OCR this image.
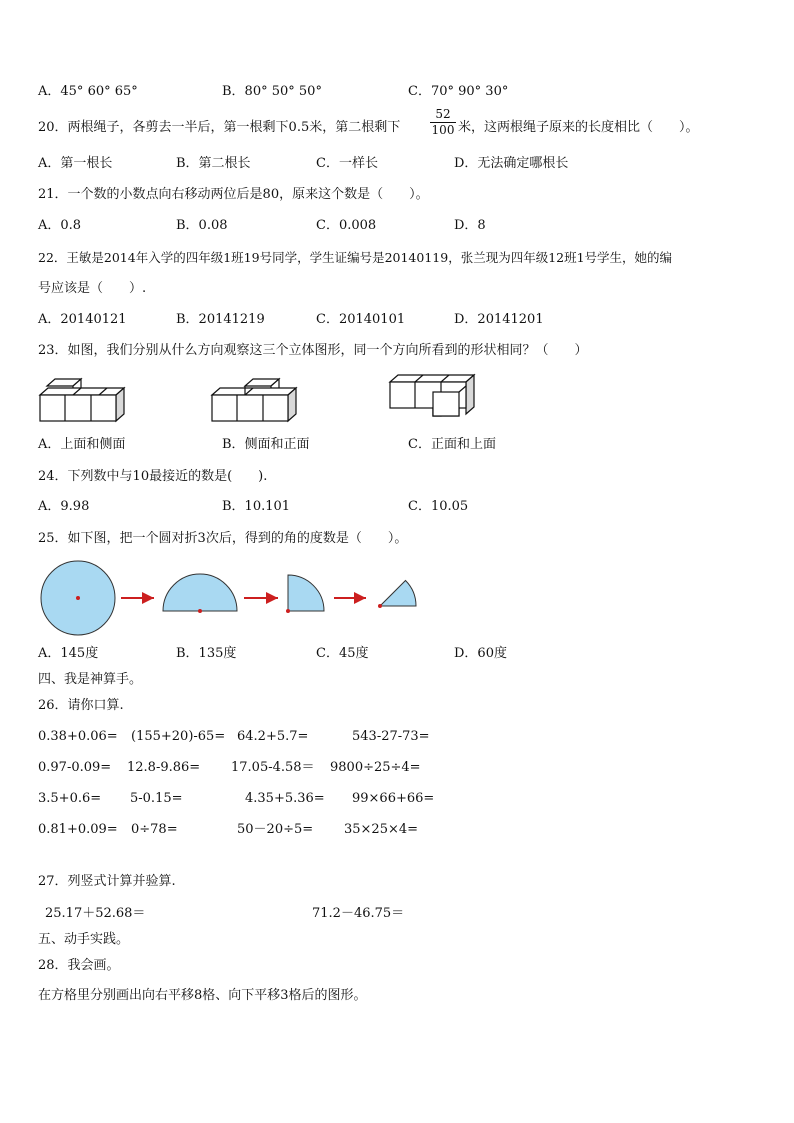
A．45° 60° 65°	B．80° 50° 50°	C．70° 90° 30°
20．两根绳子，各剪去一半后，第一根剩下0.5米，第二根剩下
52
100 米，这两根绳子原来的长度相比（　　）。
A．第一根长	B．第二根长	C．一样长	D．无法确定哪根长
21．一个数的小数点向右移动两位后是80，原来这个数是（　　）。
A．0.8	B．0.08	C．0.008	D．8
22．王敏是2014年入学的四年级1班19号同学，学生证编号是20140119，张兰现为四年级12班1号学生，她的编
号应该是（　　）.
A．20140121	B．20141219	C．20140101	D．20141201
23．如图，我们分别从什么方向观察这三个立体图形，同一个方向所看到的形状相同？（　　）
A．上面和侧面	B．侧面和正面	C．正面和上面
24．下列数中与10最接近的数是(　　).
A．9.98	B．10.101	C．10.05
25．如下图，把一个圆对折3次后，得到的角的度数是（　　）。
A．145度	B．135度	C．45度	D．60度
四、我是神算手。
26．请你口算.
0.38+0.06= (155+20)-65= 64.2+5.7=	543-27-73=
0.97-0.09= 12.8-9.86= 17.05-4.58＝ 9800÷25÷4=
3.5+0.6= 5-0.15=	4.35+5.36= 99×66+66=
0.81+0.09= 0÷78=	50－20÷5= 35×25×4=
27．列竖式计算并验算.
25.17＋52.68＝	71.2－46.75＝
五、动手实践。
28．我会画。
在方格里分别画出向右平移8格、向下平移3格后的图形。
